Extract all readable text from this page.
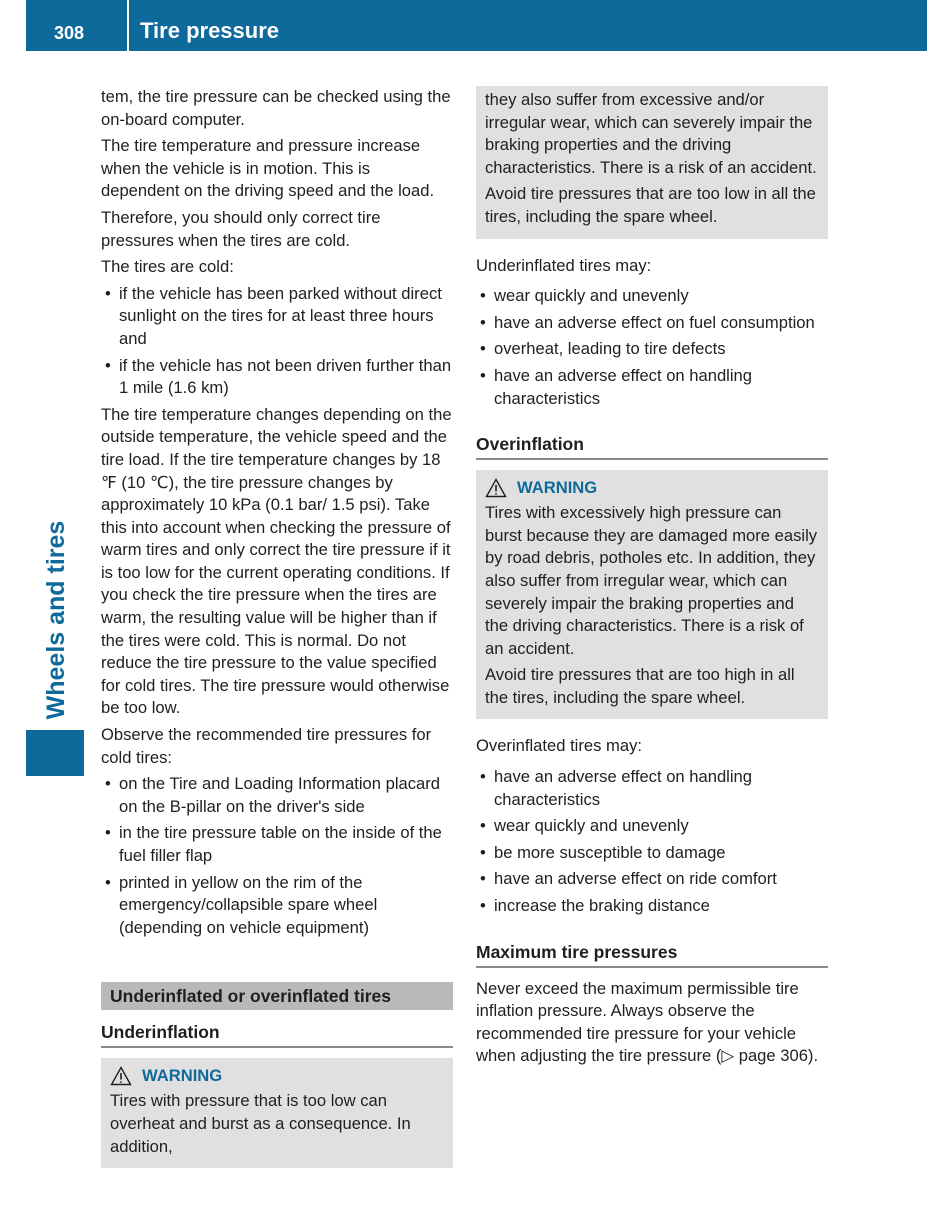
308	Tire pressure
Wheels and tires

tem, the tire pressure can be checked using the on-board computer.

The tire temperature and pressure increase when the vehicle is in motion. This is dependent on the driving speed and the load.

Therefore, you should only correct tire pressures when the tires are cold.

The tires are cold:

• if the vehicle has been parked without direct sunlight on the tires for at least three hours and
• if the vehicle has not been driven further than 1 mile (1.6 km)

The tire temperature changes depending on the outside temperature, the vehicle speed and the tire load. If the tire temperature changes by 18 ℉ (10 ℃), the tire pressure changes by approximately 10 kPa (0.1 bar/ 1.5 psi). Take this into account when checking the pressure of warm tires and only correct the tire pressure if it is too low for the current operating conditions. If you check the tire pressure when the tires are warm, the resulting value will be higher than if the tires were cold. This is normal. Do not reduce the tire pressure to the value specified for cold tires. The tire pressure would otherwise be too low.

Observe the recommended tire pressures for cold tires:

• on the Tire and Loading Information placard on the B-pillar on the driver's side
• in the tire pressure table on the inside of the fuel filler flap
• printed in yellow on the rim of the emergency/collapsible spare wheel (depending on vehicle equipment)
Underinflated or overinflated tires
Underinflation
WARNING

Tires with pressure that is too low can overheat and burst as a consequence. In addition,

they also suffer from excessive and/or irregular wear, which can severely impair the braking properties and the driving characteristics. There is a risk of an accident.

Avoid tire pressures that are too low in all the tires, including the spare wheel.

Underinflated tires may:

• wear quickly and unevenly
• have an adverse effect on fuel consumption
• overheat, leading to tire defects
• have an adverse effect on handling characteristics
Overinflation
WARNING

Tires with excessively high pressure can burst because they are damaged more easily by road debris, potholes etc. In addition, they also suffer from irregular wear, which can severely impair the braking properties and the driving characteristics. There is a risk of an accident.

Avoid tire pressures that are too high in all the tires, including the spare wheel.

Overinflated tires may:

• have an adverse effect on handling characteristics
• wear quickly and unevenly
• be more susceptible to damage
• have an adverse effect on ride comfort
• increase the braking distance
Maximum tire pressures

Never exceed the maximum permissible tire inflation pressure. Always observe the recommended tire pressure for your vehicle when adjusting the tire pressure (▷ page 306).
